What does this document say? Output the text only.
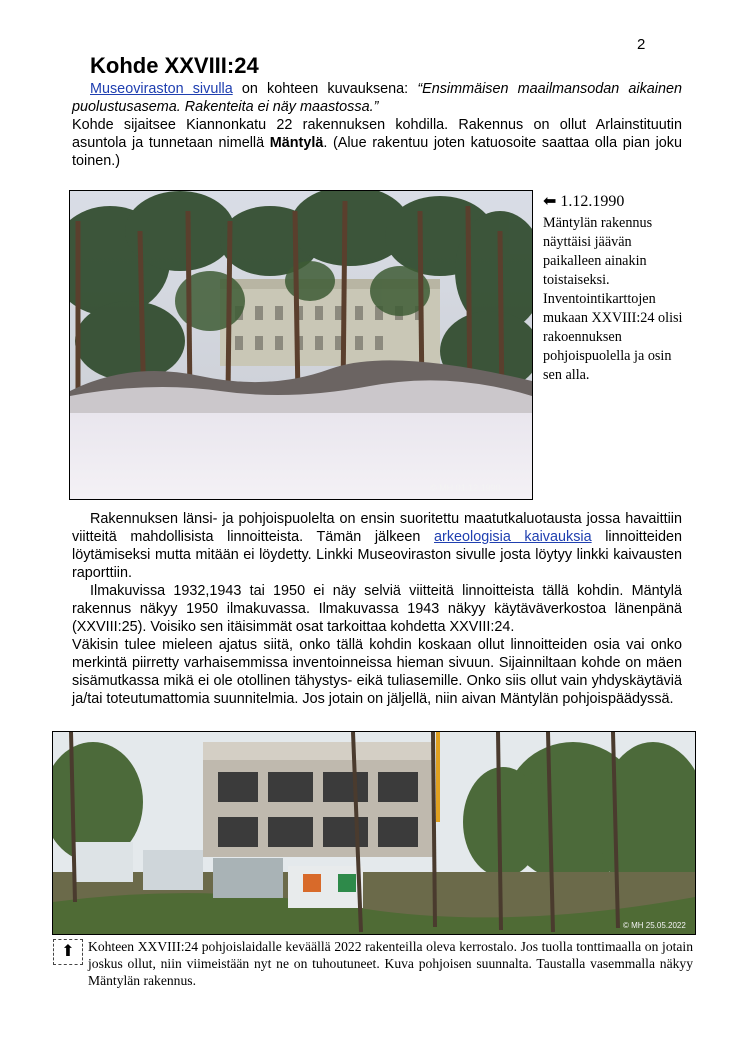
2
Kohde XXVIII:24
Museoviraston sivulla on kohteen kuvauksena: “Ensimmäisen maailmansodan aikainen puolustusasema. Rakenteita ei näy maastossa.”
Kohde sijaitsee Kiannonkatu 22 rakennuksen kohdilla. Rakennus on ollut Arlainstituutin asuntola ja tunnetaan nimellä Mäntylä. (Alue rakentuu joten katuosoite saattaa olla pian joku toinen.)
© MH 01.12.1990
⬅ 1.12.1990
Mäntylän rakennus näyttäisi jäävän paikalleen ainakin toistaiseksi. Inventointikarttojen mukaan XXVIII:24 olisi rakoennuksen pohjoispuolella ja osin sen alla.

Rakennuksen länsi- ja pohjoispuolelta on ensin suoritettu maatutkaluotausta jossa havaittiin viitteitä mahdollisista linnoitteista. Tämän jälkeen arkeologisia kaivauksia linnoitteiden löytämiseksi mutta mitään ei löydetty. Linkki Museoviraston sivulle josta löytyy linkki kaivausten raporttiin.

Ilmakuvissa 1932,1943 tai 1950 ei näy selviä viitteitä linnoitteista tällä kohdin. Mäntylä rakennus näkyy 1950 ilmakuvassa. Ilmakuvassa 1943 näkyy käytäväverkostoa länenpänä (XXVIII:25). Voisiko sen itäisimmät osat tarkoittaa kohdetta XXVIII:24.

Väkisin tulee mieleen ajatus siitä, onko tällä kohdin koskaan ollut linnoitteiden osia vai onko merkintä piirretty varhaisemmissa inventoinneissa hieman sivuun. Sijainniltaan kohde on mäen sisämutkassa mikä ei ole otollinen tähystys- eikä tuliasemille. Onko siis ollut vain yhdyskäytäviä ja/tai toteutumattomia suunnitelmia. Jos jotain on jäljellä, niin aivan Mäntylän pohjoispäädyssä.

© MH 25.05.2022
⬆ Kohteen XXVIII:24 pohjoislaidalle keväällä 2022 rakenteilla oleva kerrostalo. Jos tuolla tonttimaalla on jotain joskus ollut, niin viimeistään nyt ne on tuhoutuneet. Kuva pohjoisen suunnalta. Taustalla vasemmalla näkyy Mäntylän rakennus.
